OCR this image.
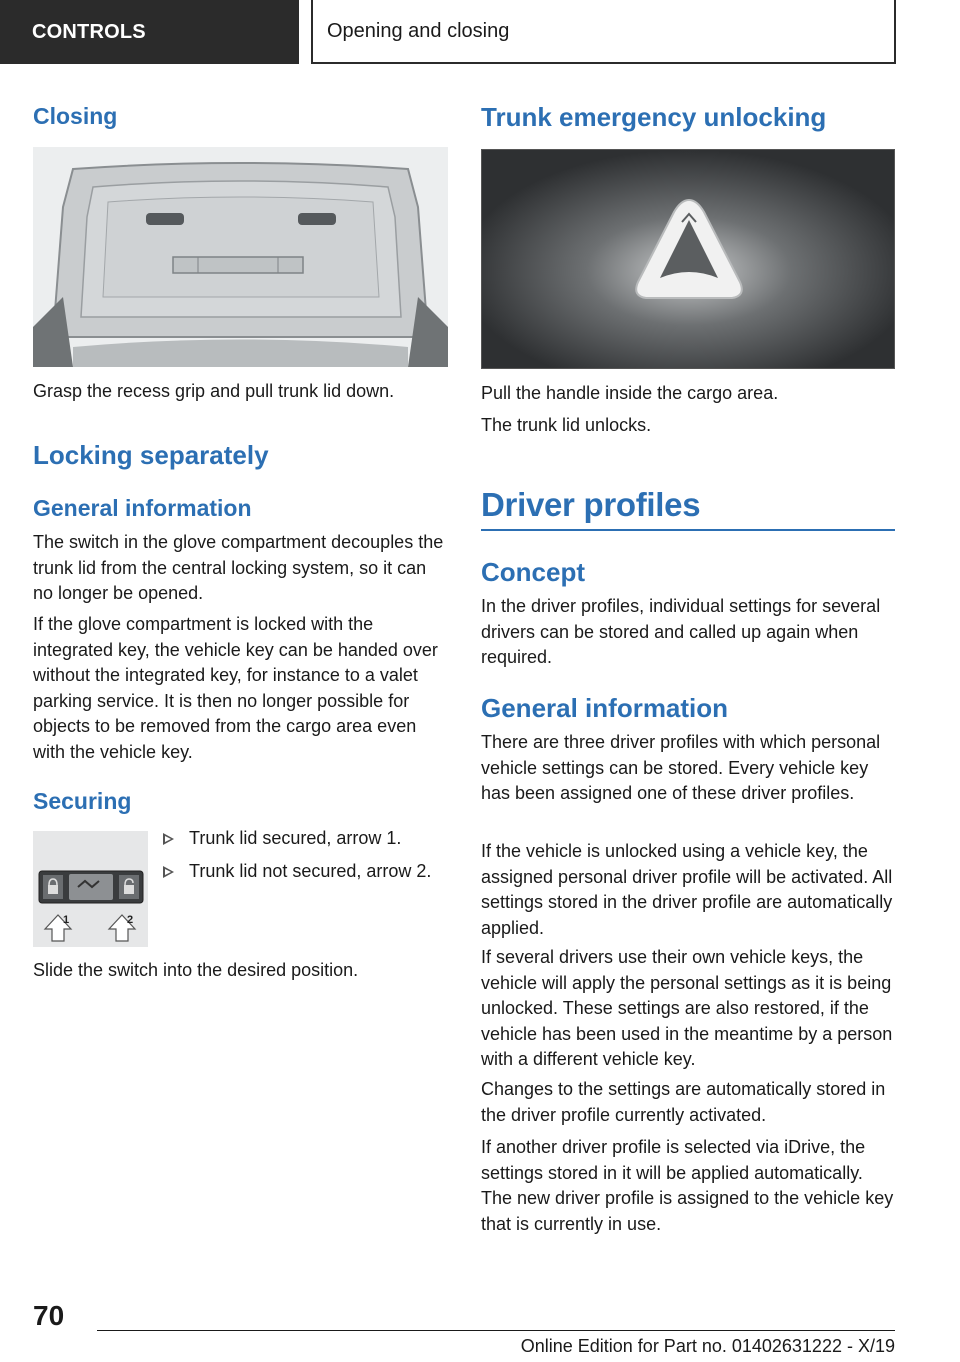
CONTROLS	Opening and closing
Closing
Grasp the recess grip and pull trunk lid down.
Locking separately
General information
The switch in the glove compartment decouples the trunk lid from the central locking system, so it can no longer be opened.
If the glove compartment is locked with the integrated key, the vehicle key can be handed over without the integrated key, for instance to a valet parking service. It is then no longer possible for objects to be removed from the cargo area even with the vehicle key.
Securing
1	2
Trunk lid secured, arrow 1.
Trunk lid not secured, arrow 2.
Slide the switch into the desired position.
Trunk emergency unlocking
Pull the handle inside the cargo area.
The trunk lid unlocks.
Driver profiles
Concept
In the driver profiles, individual settings for several drivers can be stored and called up again when required.
General information
There are three driver profiles with which personal vehicle settings can be stored. Every vehicle key has been assigned one of these driver profiles.
If the vehicle is unlocked using a vehicle key, the assigned personal driver profile will be activated. All settings stored in the driver profile are automatically applied.
If several drivers use their own vehicle keys, the vehicle will apply the personal settings as it is being unlocked. These settings are also restored, if the vehicle has been used in the meantime by a person with a different vehicle key.
Changes to the settings are automatically stored in the driver profile currently activated.
If another driver profile is selected via iDrive, the settings stored in it will be applied automatically. The new driver profile is assigned to the vehicle key that is currently in use.
70
Online Edition for Part no. 01402631222 - X/19
